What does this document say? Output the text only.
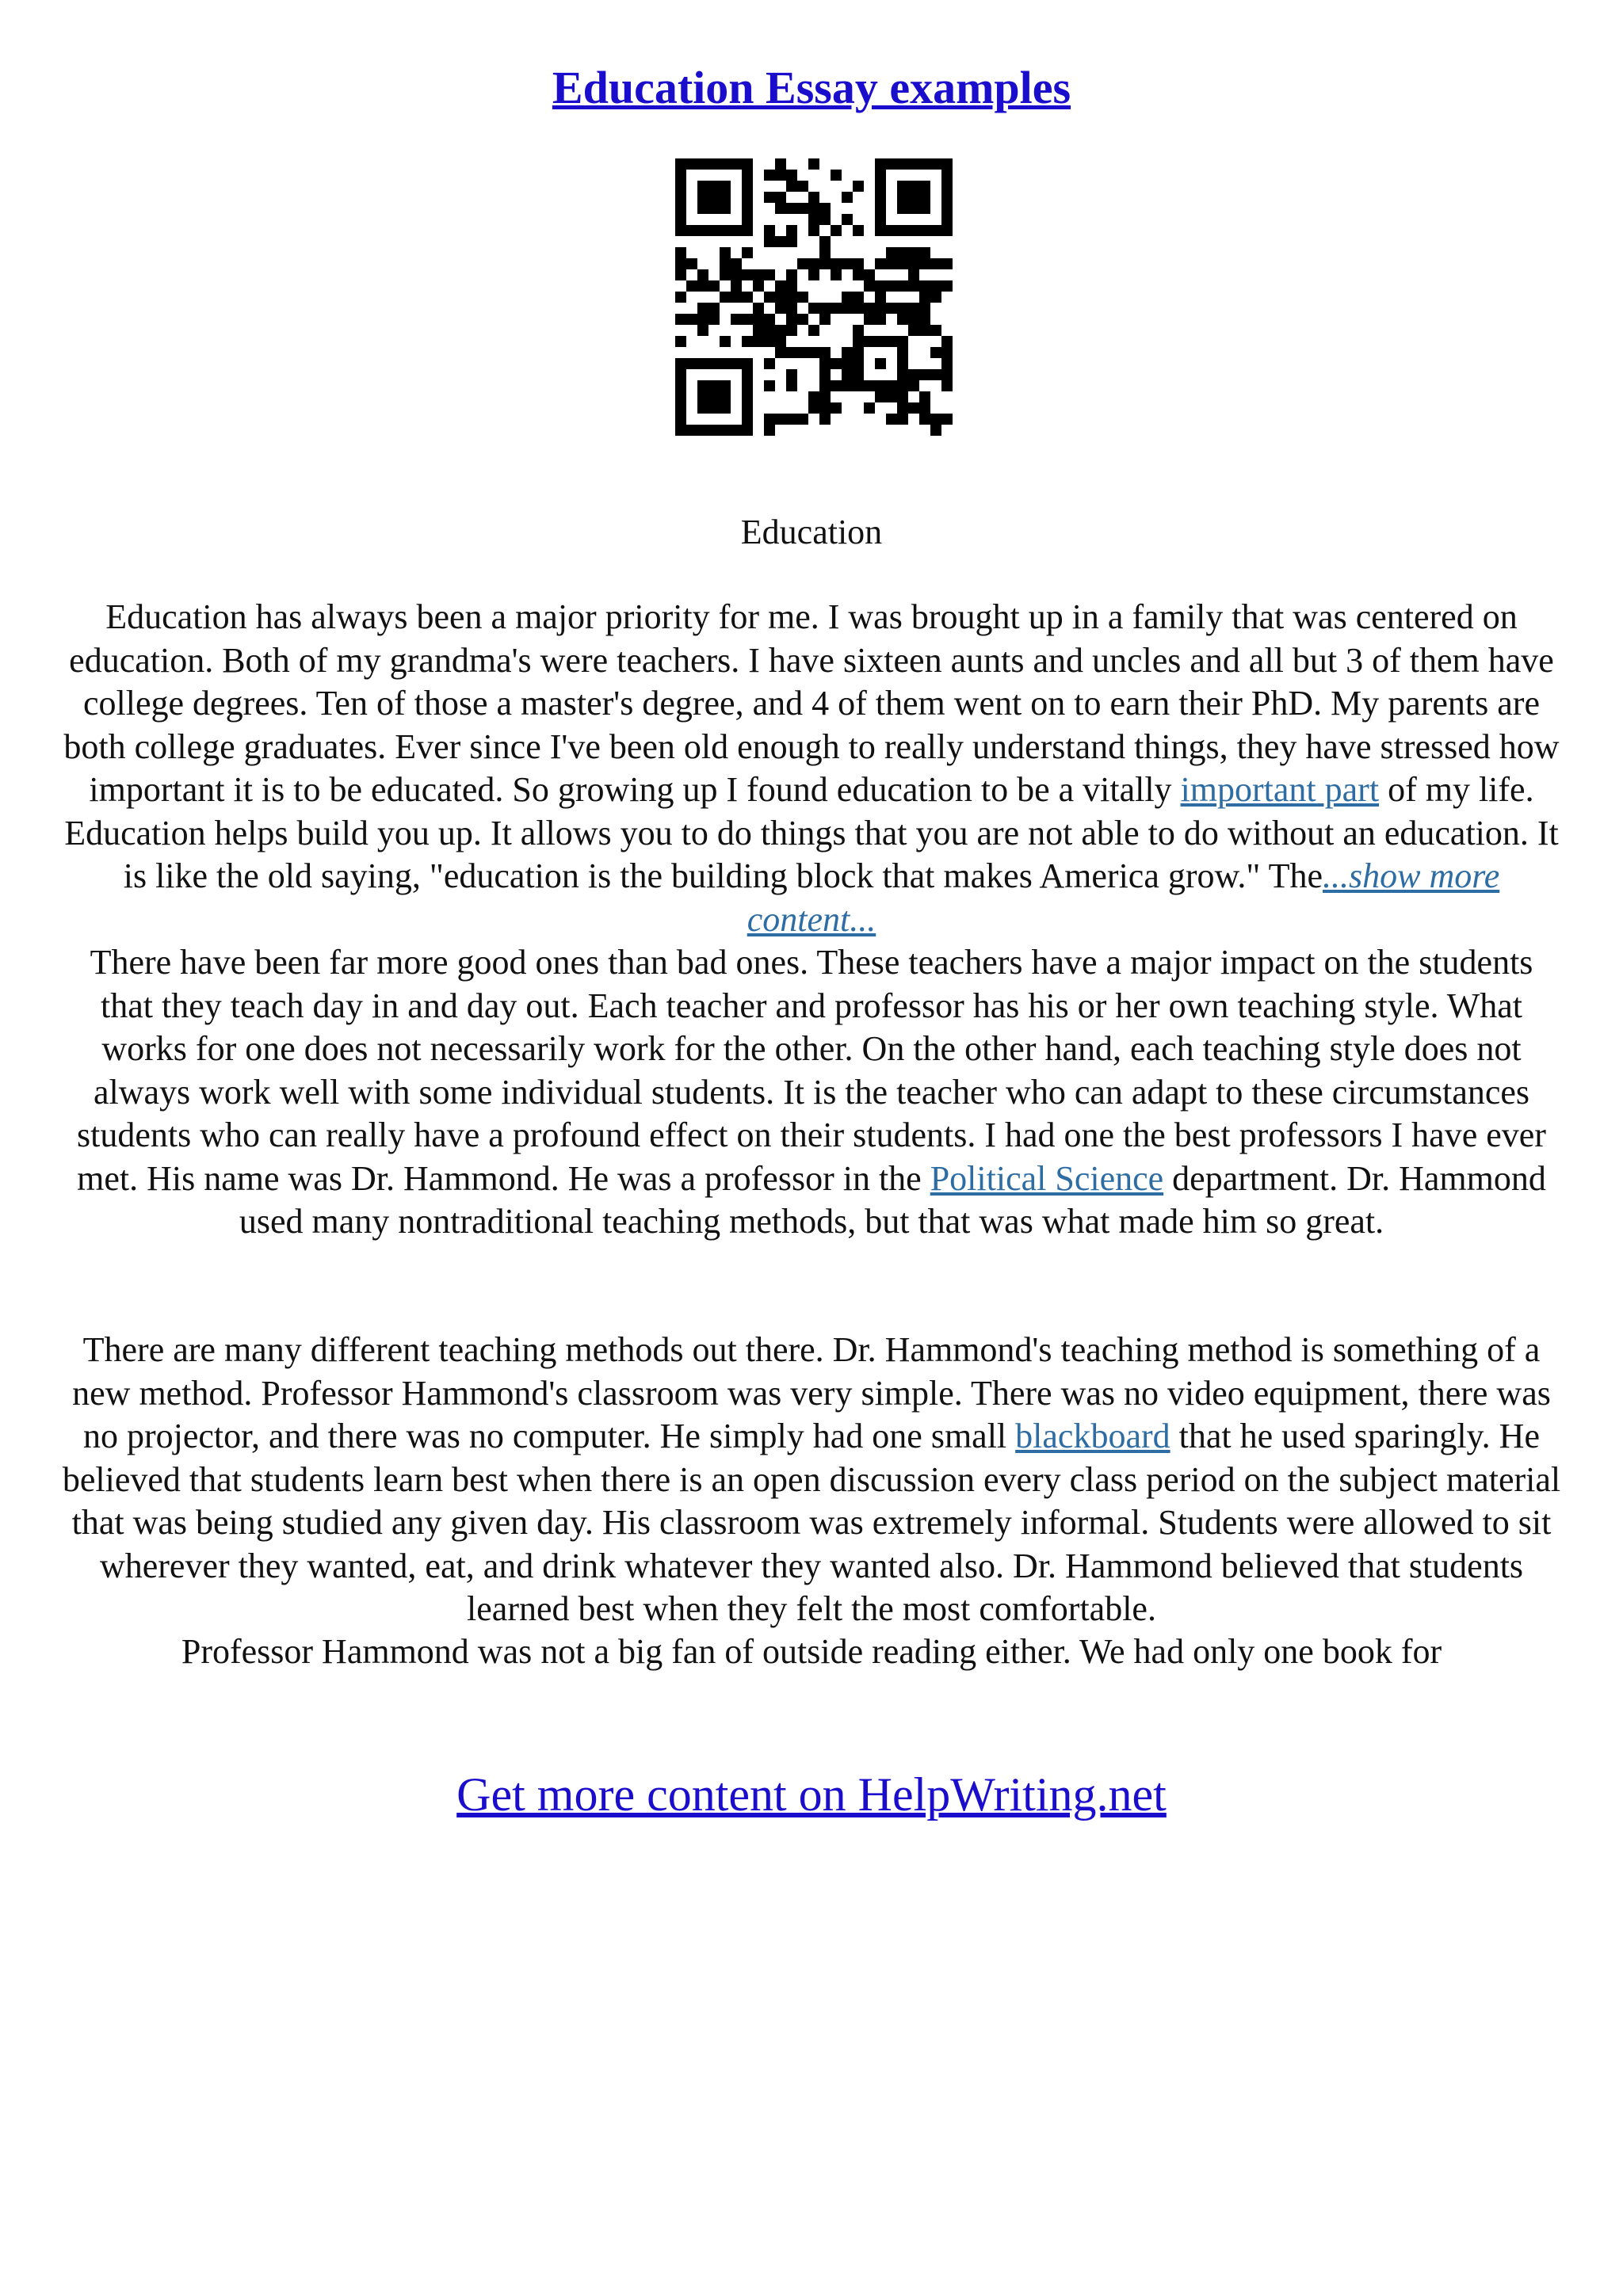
Education Essay examples

Education

Education has always been a major priority for me. I was brought up in a family that was centered on education. Both of my grandma's were teachers. I have sixteen aunts and uncles and all but 3 of them have college degrees. Ten of those a master's degree, and 4 of them went on to earn their PhD. My parents are both college graduates. Ever since I've been old enough to really understand things, they have stressed how important it is to be educated. So growing up I found education to be a vitally important part of my life. Education helps build you up. It allows you to do things that you are not able to do without an education. It is like the old saying, "education is the building block that makes America grow." The...show more content...

There have been far more good ones than bad ones. These teachers have a major impact on the students that they teach day in and day out. Each teacher and professor has his or her own teaching style. What works for one does not necessarily work for the other. On the other hand, each teaching style does not always work well with some individual students. It is the teacher who can adapt to these circumstances students who can really have a profound effect on their students. I had one the best professors I have ever met. His name was Dr. Hammond. He was a professor in the Political Science department. Dr. Hammond used many nontraditional teaching methods, but that was what made him so great.

There are many different teaching methods out there. Dr. Hammond's teaching method is something of a new method. Professor Hammond's classroom was very simple. There was no video equipment, there was no projector, and there was no computer. He simply had one small blackboard that he used sparingly. He believed that students learn best when there is an open discussion every class period on the subject material that was being studied any given day. His classroom was extremely informal. Students were allowed to sit wherever they wanted, eat, and drink whatever they wanted also. Dr. Hammond believed that students learned best when they felt the most comfortable.

Professor Hammond was not a big fan of outside reading either. We had only one book for

Get more content on HelpWriting.net
